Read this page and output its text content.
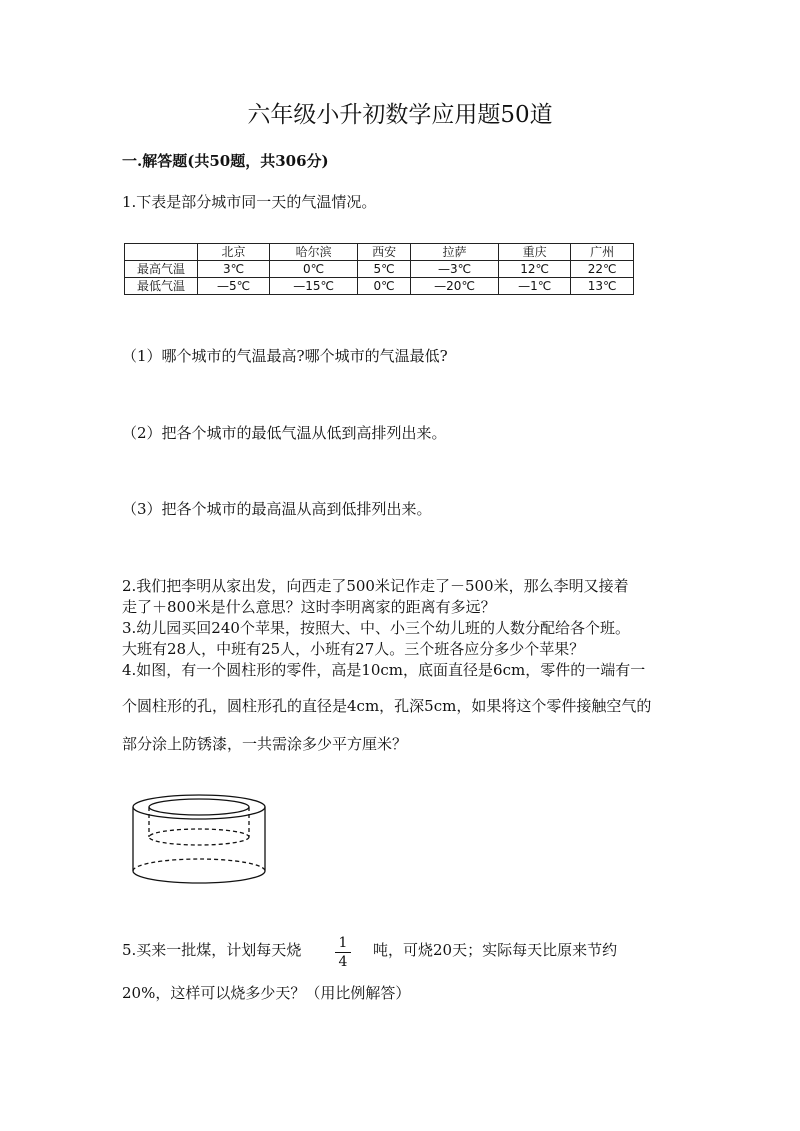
六年级小升初数学应用题50道
一.解答题(共50题，共306分)
1.下表是部分城市同一天的气温情况。
	北京	哈尔滨	西安	拉萨	重庆	广州
最高气温	3℃	0℃	5℃	—3℃	12℃	22℃
最低气温	—5℃	—15℃	0℃	—20℃	—1℃	13℃
（1）哪个城市的气温最高?哪个城市的气温最低?
（2）把各个城市的最低气温从低到高排列出来。
（3）把各个城市的最高温从高到低排列出来。
2.我们把李明从家出发，向西走了500米记作走了－500米，那么李明又接着
走了＋800米是什么意思？这时李明离家的距离有多远？
3.幼儿园买回240个苹果，按照大、中、小三个幼儿班的人数分配给各个班。
大班有28人，中班有25人，小班有27人。三个班各应分多少个苹果？
4.如图，有一个圆柱形的零件，高是10cm，底面直径是6cm，零件的一端有一
个圆柱形的孔，圆柱形孔的直径是4cm，孔深5cm，如果将这个零件接触空气的
部分涂上防锈漆，一共需涂多少平方厘米？
5.买来一批煤，计划每天烧	1
4
吨，可烧20天；实际每天比原来节约
20%，这样可以烧多少天？（用比例解答）
